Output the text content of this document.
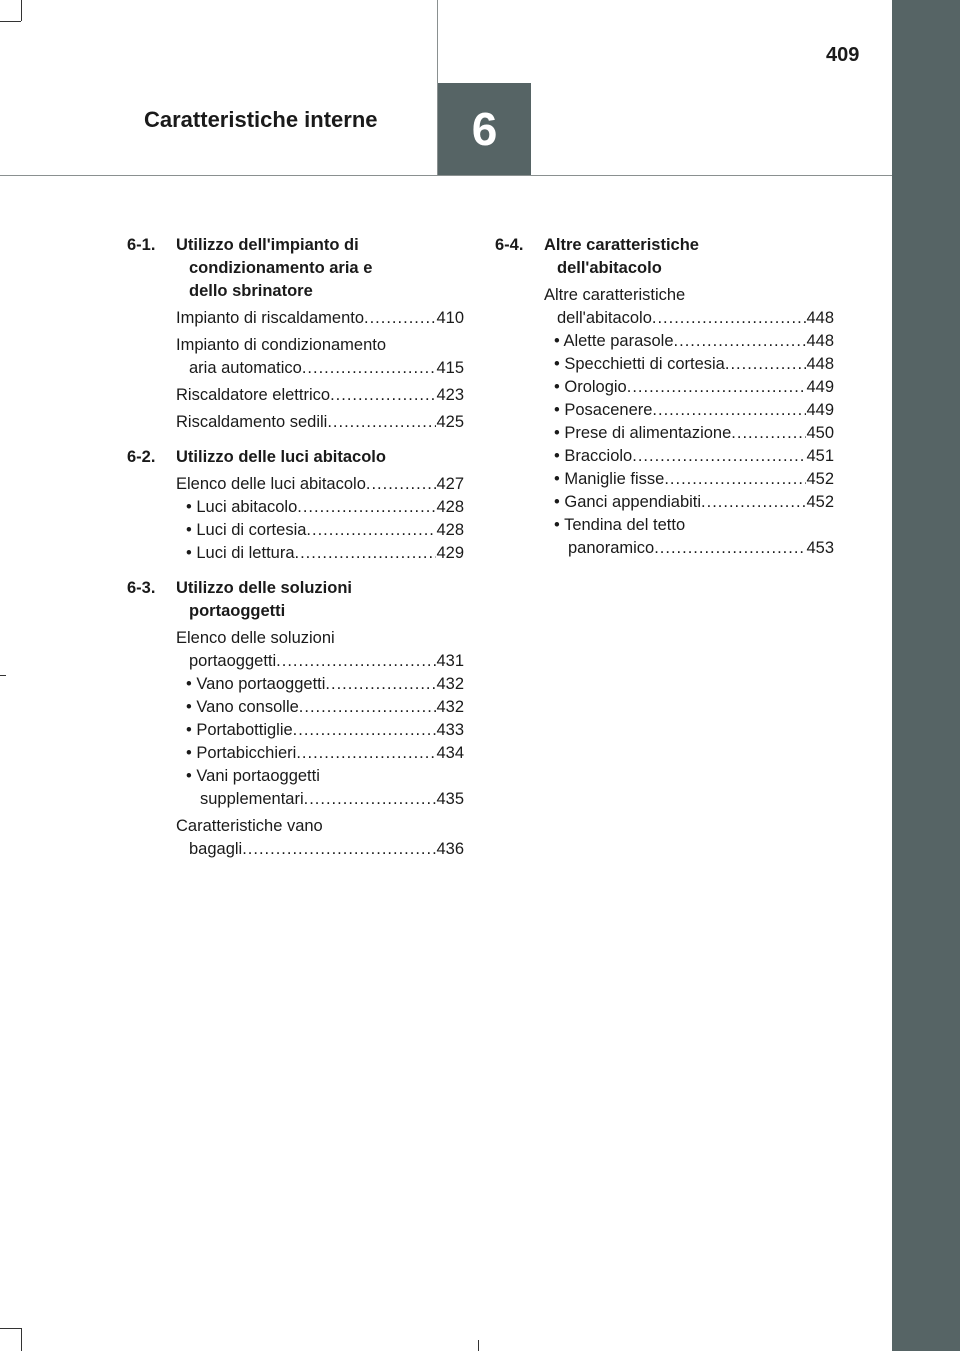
Caratteristiche interne 6
409
6-1.	Utilizzo dell'impianto di
condizionamento aria e
dello sbrinatore
Impianto di riscaldamento .....	410
Impianto di condizionamento
aria automatico .....	415
Riscaldatore elettrico .....	423
Riscaldamento sedili .....	425
6-2.	Utilizzo delle luci abitacolo
Elenco delle luci abitacolo .....	427
• Luci abitacolo .....	428
• Luci di cortesia .....	428
• Luci di lettura .....	429
6-3.	Utilizzo delle soluzioni
portaoggetti
Elenco delle soluzioni
portaoggetti .....	431
• Vano portaoggetti .....	432
• Vano consolle .....	432
• Portabottiglie .....	433
• Portabicchieri .....	434
• Vani portaoggetti
supplementari .....	435
Caratteristiche vano
bagagli .....	436
6-4.	Altre caratteristiche
dell'abitacolo
Altre caratteristiche
dell'abitacolo .....	448
• Alette parasole .....	448
• Specchietti di cortesia .....	448
• Orologio .....	449
• Posacenere .....	449
• Prese di alimentazione .....	450
• Bracciolo .....	451
• Maniglie fisse .....	452
• Ganci appendiabiti .....	452
• Tendina del tetto
panoramico .....	453
